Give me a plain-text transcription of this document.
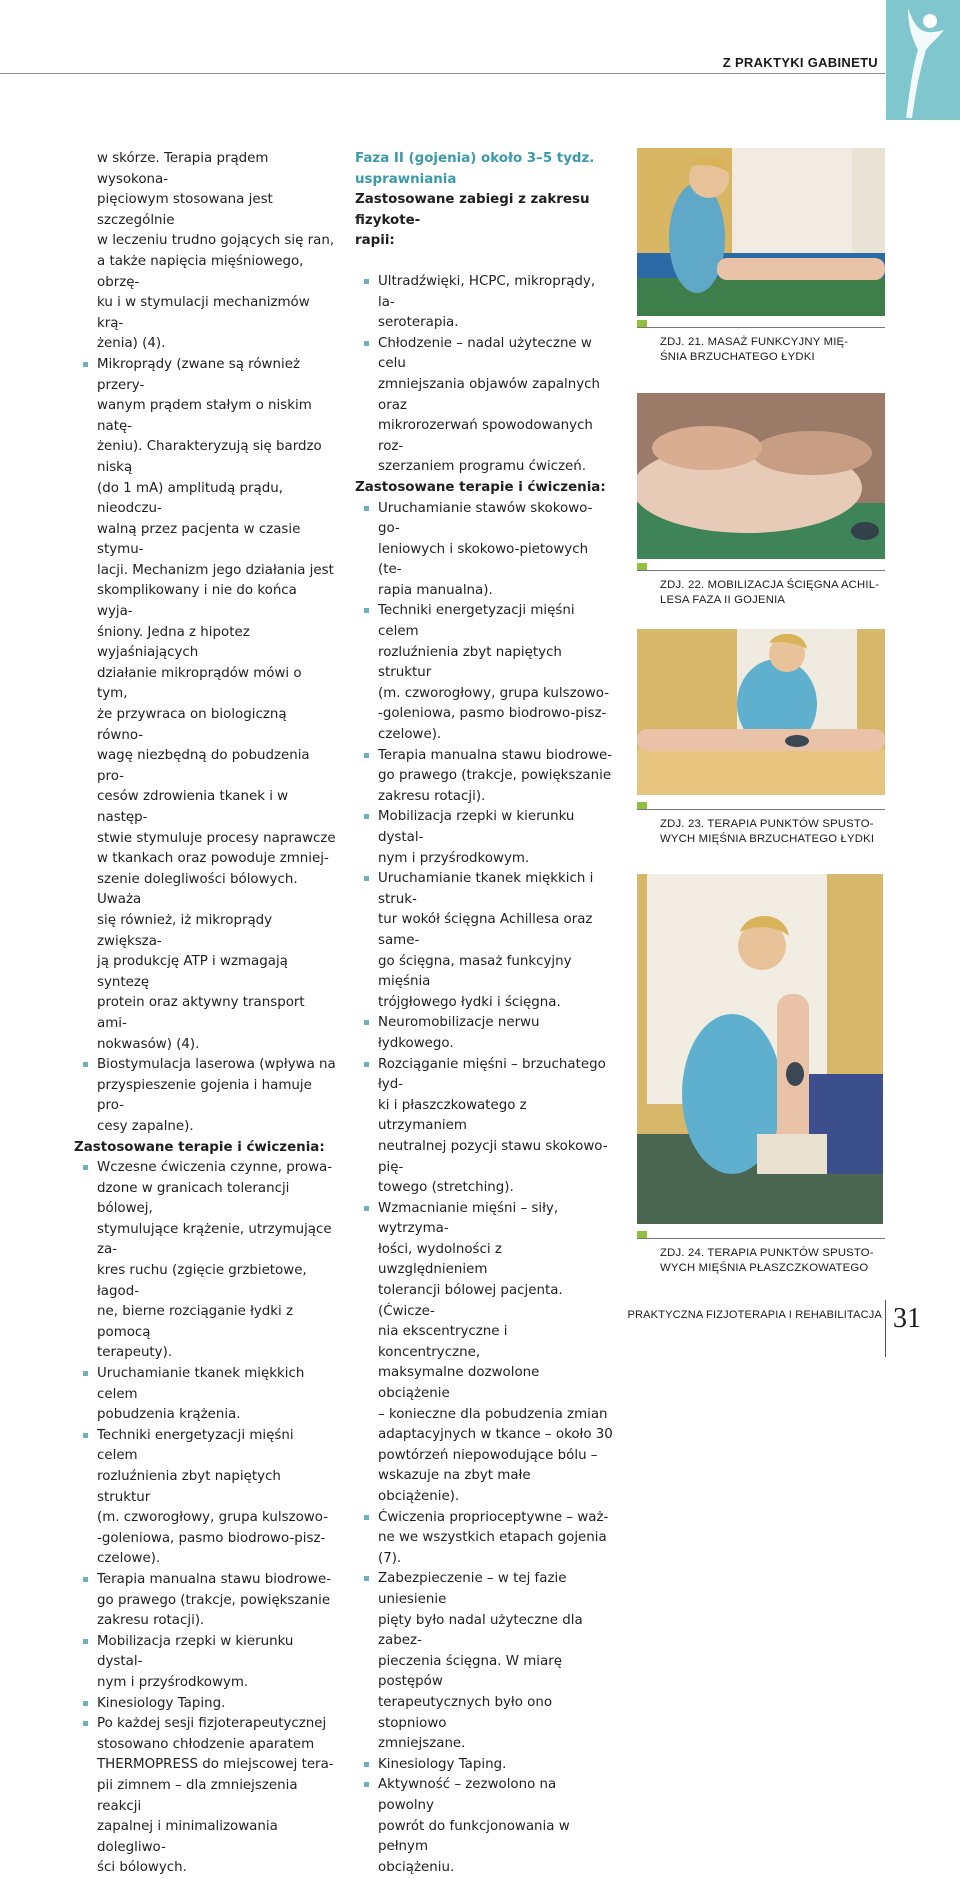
Z PRAKTYKI GABINETU
w skórze. Terapia prądem wysokona-
pięciowym stosowana jest szczególnie
w leczeniu trudno gojących się ran,
a także napięcia mięśniowego, obrzę-
ku i w stymulacji mechanizmów krą-
żenia) (4).
Mikroprądy (zwane są również przery-
wanym prądem stałym o niskim natę-
żeniu). Charakteryzują się bardzo niską
(do 1 mA) amplitudą prądu, nieodczu-
walną przez pacjenta w czasie stymu-
lacji. Mechanizm jego działania jest
skomplikowany i nie do końca wyja-
śniony. Jedna z hipotez wyjaśniających
działanie mikroprądów mówi o tym,
że przywraca on biologiczną równo-
wagę niezbędną do pobudzenia pro-
cesów zdrowienia tkanek i w następ-
stwie stymuluje procesy naprawcze
w tkankach oraz powoduje zmniej-
szenie dolegliwości bólowych. Uważa
się również, iż mikroprądy zwiększa-
ją produkcję ATP i wzmagają syntezę
protein oraz aktywny transport ami-
nokwasów) (4).
Biostymulacja laserowa (wpływa na
przyspieszenie gojenia i hamuje pro-
cesy zapalne).

Zastosowane terapie i ćwiczenia:

Wczesne ćwiczenia czynne, prowa-
dzone w granicach tolerancji bólowej,
stymulujące krążenie, utrzymujące za-
kres ruchu (zgięcie grzbietowe, łagod-
ne, bierne rozciąganie łydki z pomocą
terapeuty).
Uruchamianie tkanek miękkich celem
pobudzenia krążenia.
Techniki energetyzacji mięśni celem
rozluźnienia zbyt napiętych struktur
(m. czworogłowy, grupa kulszowo-
-goleniowa, pasmo biodrowo-pisz-
czelowe).
Terapia manualna stawu biodrowe-
go prawego (trakcje, powiększanie
zakresu rotacji).
Mobilizacja rzepki w kierunku dystal-
nym i przyśrodkowym.
Kinesiology Taping.
Po każdej sesji fizjoterapeutycznej
stosowano chłodzenie aparatem
THERMOPRESS do miejscowej tera-
pii zimnem – dla zmniejszenia reakcji
zapalnej i minimalizowania dolegliwo-
ści bólowych.

Faza II (gojenia) około 3–5 tydz.
usprawniania

Zastosowane zabiegi z zakresu fizykote-
rapii:

Ultradźwięki, HCPC, mikroprądy, la-
seroterapia.
Chłodzenie – nadal użyteczne w celu
zmniejszania objawów zapalnych oraz
mikrorozerwań spowodowanych roz-
szerzaniem programu ćwiczeń.

Zastosowane terapie i ćwiczenia:

Uruchamianie stawów skokowo-go-
leniowych i skokowo-pietowych (te-
rapia manualna).
Techniki energetyzacji mięśni celem
rozluźnienia zbyt napiętych struktur
(m. czworogłowy, grupa kulszowo-
-goleniowa, pasmo biodrowo-pisz-
czelowe).
Terapia manualna stawu biodrowe-
go prawego (trakcje, powiększanie
zakresu rotacji).
Mobilizacja rzepki w kierunku dystal-
nym i przyśrodkowym.
Uruchamianie tkanek miękkich i struk-
tur wokół ścięgna Achillesa oraz same-
go ścięgna, masaż funkcyjny mięśnia
trójgłowego łydki i ścięgna.
Neuromobilizacje nerwu łydkowego.
Rozciąganie mięśni – brzuchatego łyd-
ki i płaszczkowatego z utrzymaniem
neutralnej pozycji stawu skokowo-pię-
towego (stretching).
Wzmacnianie mięśni – siły, wytrzyma-
łości, wydolności z uwzględnieniem
tolerancji bólowej pacjenta. (Ćwicze-
nia ekscentryczne i koncentryczne,
maksymalne dozwolone obciążenie
– konieczne dla pobudzenia zmian
adaptacyjnych w tkance – około 30
powtórzeń niepowodujące bólu –
wskazuje na zbyt małe obciążenie).
Ćwiczenia proprioceptywne – waż-
ne we wszystkich etapach gojenia (7).
Zabezpieczenie – w tej fazie uniesienie
pięty było nadal użyteczne dla zabez-
pieczenia ścięgna. W miarę postępów
terapeutycznych było ono stopniowo
zmniejszane.
Kinesiology Taping.
Aktywność – zezwolono na powolny
powrót do funkcjonowania w pełnym
obciążeniu.
ZDJ. 21. MASAŻ FUNKCYJNY MIĘ-
ŚNIA BRZUCHATEGO ŁYDKI
ZDJ. 22. MOBILIZACJA ŚCIĘGNA ACHIL-
LESA FAZA II GOJENIA
ZDJ. 23. TERAPIA PUNKTÓW SPUSTO-
WYCH MIĘŚNIA BRZUCHATEGO ŁYDKI
ZDJ. 24. TERAPIA PUNKTÓW SPUSTO-
WYCH MIĘŚNIA PŁASZCZKOWATEGO
PRAKTYCZNA FIZJOTERAPIA I REHABILITACJA 31
